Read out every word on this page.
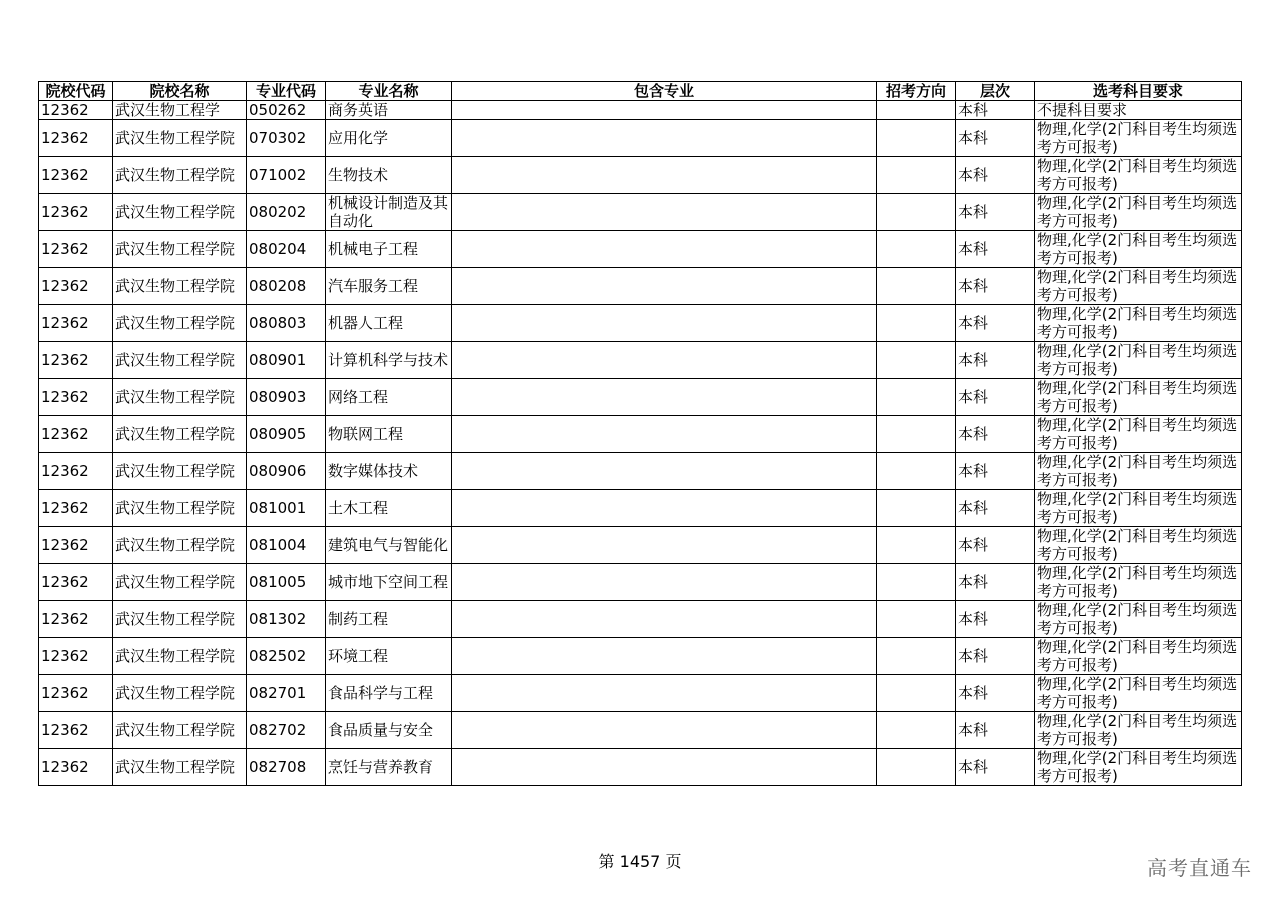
院校代码	院校名称	专业代码	专业名称	包含专业	招考方向	层次	选考科目要求
12362	武汉生物工程学	050262	商务英语			本科	不提科目要求
12362	武汉生物工程学院	070302	应用化学			本科	物理,化学(2门科目考生均须选考方可报考)
12362	武汉生物工程学院	071002	生物技术			本科	物理,化学(2门科目考生均须选考方可报考)
12362	武汉生物工程学院	080202	机械设计制造及其自动化			本科	物理,化学(2门科目考生均须选考方可报考)
12362	武汉生物工程学院	080204	机械电子工程			本科	物理,化学(2门科目考生均须选考方可报考)
12362	武汉生物工程学院	080208	汽车服务工程			本科	物理,化学(2门科目考生均须选考方可报考)
12362	武汉生物工程学院	080803	机器人工程			本科	物理,化学(2门科目考生均须选考方可报考)
12362	武汉生物工程学院	080901	计算机科学与技术			本科	物理,化学(2门科目考生均须选考方可报考)
12362	武汉生物工程学院	080903	网络工程			本科	物理,化学(2门科目考生均须选考方可报考)
12362	武汉生物工程学院	080905	物联网工程			本科	物理,化学(2门科目考生均须选考方可报考)
12362	武汉生物工程学院	080906	数字媒体技术			本科	物理,化学(2门科目考生均须选考方可报考)
12362	武汉生物工程学院	081001	土木工程			本科	物理,化学(2门科目考生均须选考方可报考)
12362	武汉生物工程学院	081004	建筑电气与智能化			本科	物理,化学(2门科目考生均须选考方可报考)
12362	武汉生物工程学院	081005	城市地下空间工程			本科	物理,化学(2门科目考生均须选考方可报考)
12362	武汉生物工程学院	081302	制药工程			本科	物理,化学(2门科目考生均须选考方可报考)
12362	武汉生物工程学院	082502	环境工程			本科	物理,化学(2门科目考生均须选考方可报考)
12362	武汉生物工程学院	082701	食品科学与工程			本科	物理,化学(2门科目考生均须选考方可报考)
12362	武汉生物工程学院	082702	食品质量与安全			本科	物理,化学(2门科目考生均须选考方可报考)
12362	武汉生物工程学院	082708	烹饪与营养教育			本科	物理,化学(2门科目考生均须选考方可报考)
第 1457 页	高考直通车
